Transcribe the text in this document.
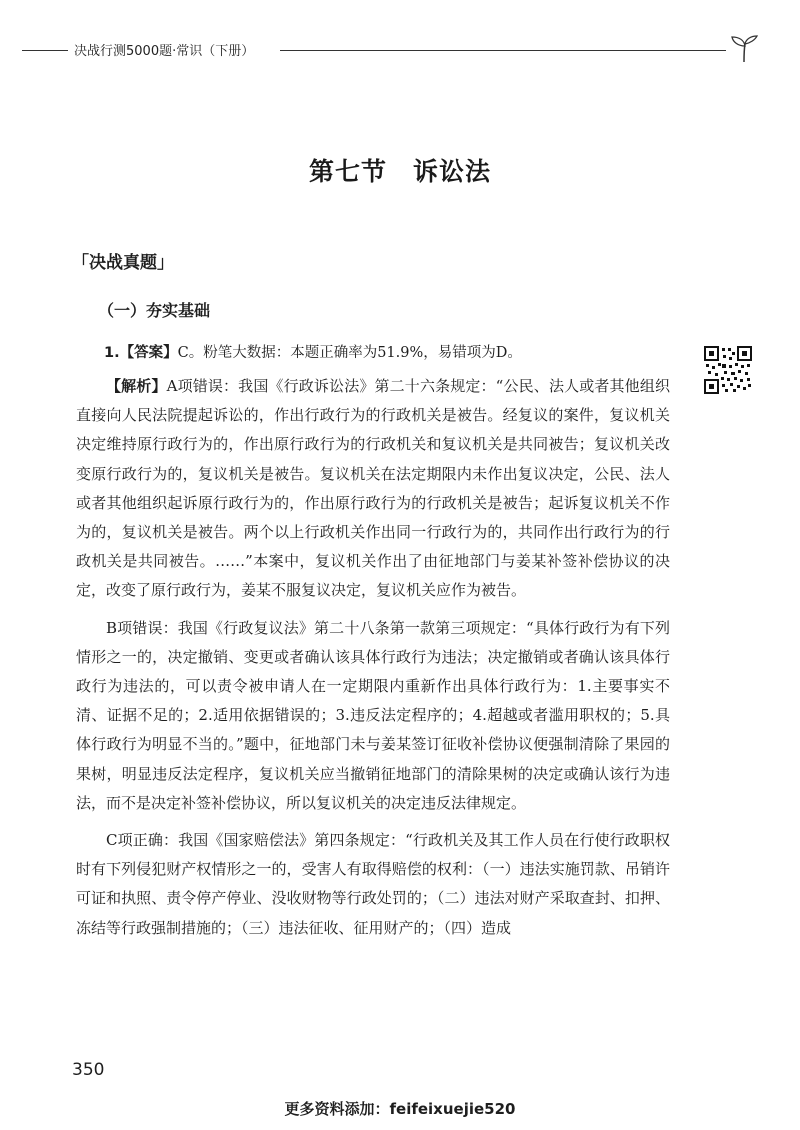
决战行测5000题·常识（下册）
第七节 诉讼法
「决战真题」
（一）夯实基础
1.【答案】C。粉笔大数据：本题正确率为51.9%，易错项为D。

【解析】A项错误：我国《行政诉讼法》第二十六条规定：“公民、法人或者其他组织直接向人民法院提起诉讼的，作出行政行为的行政机关是被告。经复议的案件，复议机关决定维持原行政行为的，作出原行政行为的行政机关和复议机关是共同被告；复议机关改变原行政行为的，复议机关是被告。复议机关在法定期限内未作出复议决定，公民、法人或者其他组织起诉原行政行为的，作出原行政行为的行政机关是被告；起诉复议机关不作为的，复议机关是被告。两个以上行政机关作出同一行政行为的，共同作出行政行为的行政机关是共同被告。……”本案中，复议机关作出了由征地部门与姜某补签补偿协议的决定，改变了原行政行为，姜某不服复议决定，复议机关应作为被告。

B项错误：我国《行政复议法》第二十八条第一款第三项规定：“具体行政行为有下列情形之一的，决定撤销、变更或者确认该具体行政行为违法；决定撤销或者确认该具体行政行为违法的，可以责令被申请人在一定期限内重新作出具体行政行为：1.主要事实不清、证据不足的；2.适用依据错误的；3.违反法定程序的；4.超越或者滥用职权的；5.具体行政行为明显不当的。”题中，征地部门未与姜某签订征收补偿协议便强制清除了果园的果树，明显违反法定程序，复议机关应当撤销征地部门的清除果树的决定或确认该行为违法，而不是决定补签补偿协议，所以复议机关的决定违反法律规定。

C项正确：我国《国家赔偿法》第四条规定：“行政机关及其工作人员在行使行政职权时有下列侵犯财产权情形之一的，受害人有取得赔偿的权利：（一）违法实施罚款、吊销许可证和执照、责令停产停业、没收财物等行政处罚的；（二）违法对财产采取查封、扣押、冻结等行政强制措施的；（三）违法征收、征用财产的；（四）造成

350
更多资料添加：feifeixuejie520
